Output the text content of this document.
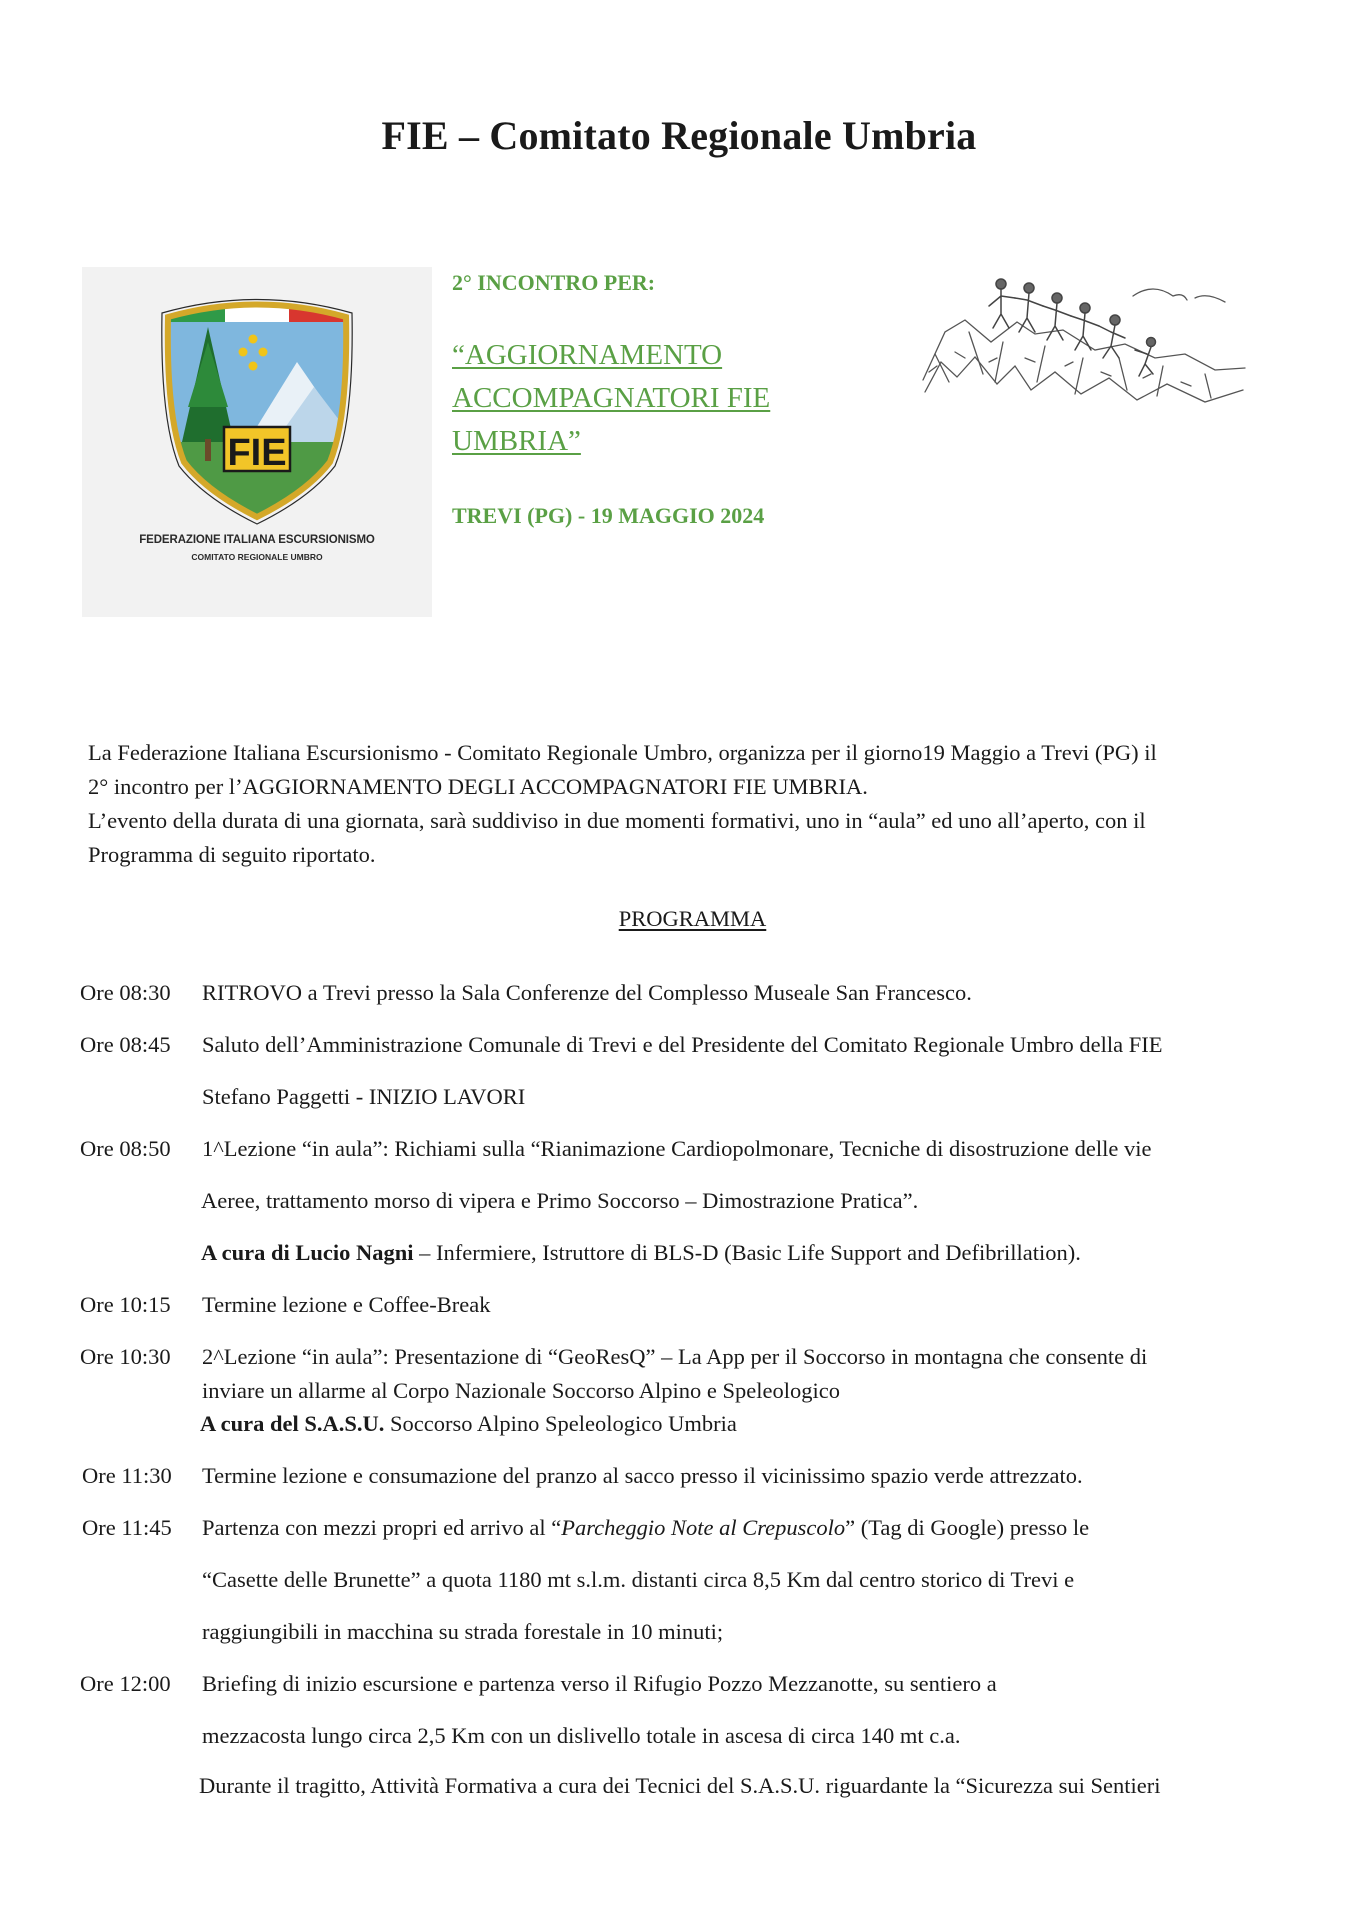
FIE – Comitato Regionale Umbria
FIE
FEDERAZIONE ITALIANA ESCURSIONISMO
COMITATO REGIONALE UMBRO
2° INCONTRO PER:
“AGGIORNAMENTO
ACCOMPAGNATORI FIE
UMBRIA”
TREVI (PG) - 19 MAGGIO 2024

La Federazione Italiana Escursionismo - Comitato Regionale Umbro, organizza per il giorno19 Maggio a Trevi (PG) il

2° incontro per l’AGGIORNAMENTO DEGLI ACCOMPAGNATORI FIE UMBRIA.

L’evento della durata di una giornata, sarà suddiviso in due momenti formativi, uno in “aula” ed uno all’aperto, con il

Programma di seguito riportato.

PROGRAMMA
Ore 08:30 RITROVO a Trevi presso la Sala Conferenze del Complesso Museale San Francesco.
Ore 08:45 Saluto dell’Amministrazione Comunale di Trevi e del Presidente del Comitato Regionale Umbro della FIE
Stefano Paggetti - INIZIO LAVORI
Ore 08:50 1^Lezione “in aula”: Richiami sulla “Rianimazione Cardiopolmonare, Tecniche di disostruzione delle vie
Aeree, trattamento morso di vipera e Primo Soccorso – Dimostrazione Pratica”.
A cura di Lucio Nagni – Infermiere, Istruttore di BLS-D (Basic Life Support and Defibrillation).
Ore 10:15 Termine lezione e Coffee-Break
Ore 10:30 2^Lezione “in aula”: Presentazione di “GeoResQ” – La App per il Soccorso in montagna che consente di
inviare un allarme al Corpo Nazionale Soccorso Alpino e Speleologico
A cura del S.A.S.U. Soccorso Alpino Speleologico Umbria
Ore 11:30 Termine lezione e consumazione del pranzo al sacco presso il vicinissimo spazio verde attrezzato.
Ore 11:45 Partenza con mezzi propri ed arrivo al “Parcheggio Note al Crepuscolo” (Tag di Google) presso le
“Casette delle Brunette” a quota 1180 mt s.l.m. distanti circa 8,5 Km dal centro storico di Trevi e
raggiungibili in macchina su strada forestale in 10 minuti;
Ore 12:00 Briefing di inizio escursione e partenza verso il Rifugio Pozzo Mezzanotte, su sentiero a
mezzacosta lungo circa 2,5 Km con un dislivello totale in ascesa di circa 140 mt c.a.
Durante il tragitto, Attività Formativa a cura dei Tecnici del S.A.S.U. riguardante la “Sicurezza sui Sentieri
